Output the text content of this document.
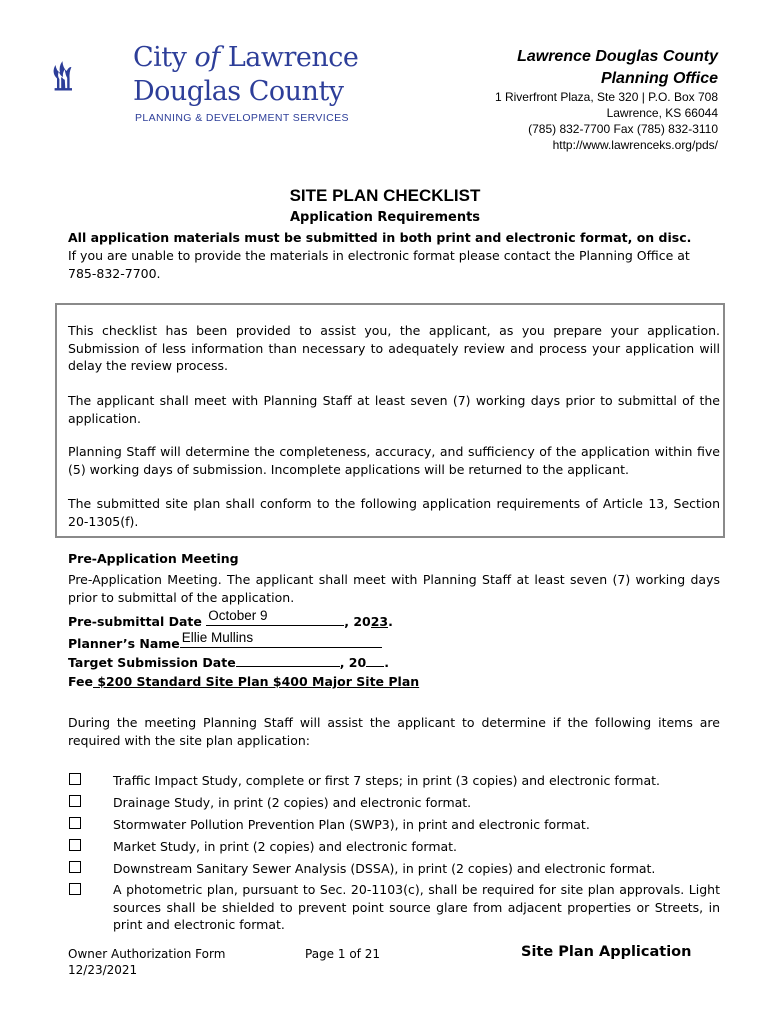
City of Lawrence
Douglas County
PLANNING & DEVELOPMENT SERVICES
Lawrence Douglas County
Planning Office
1 Riverfront Plaza, Ste 320 | P.O. Box 708
Lawrence, KS 66044
(785) 832-7700 Fax (785) 832-3110
http://www.lawrenceks.org/pds/
SITE PLAN CHECKLIST
Application Requirements
All application materials must be submitted in both print and electronic format, on disc.
If you are unable to provide the materials in electronic format please contact the Planning Office at 785-832-7700.
This checklist has been provided to assist you, the applicant, as you prepare your application. Submission of less information than necessary to adequately review and process your application will delay the review process.
The applicant shall meet with Planning Staff at least seven (7) working days prior to submittal of the application.
Planning Staff will determine the completeness, accuracy, and sufficiency of the application within five (5) working days of submission. Incomplete applications will be returned to the applicant.
The submitted site plan shall conform to the following application requirements of Article 13, Section 20-1305(f).
Pre-Application Meeting
Pre-Application Meeting. The applicant shall meet with Planning Staff at least seven (7) working days prior to submittal of the application.
Pre-submittal Date October 9	, 2023.
Planner’s Name Ellie Mullins
Target Submission Date	, 20 .
Fee $200 Standard Site Plan $400 Major Site Plan
During the meeting Planning Staff will assist the applicant to determine if the following items are required with the site plan application:
Traffic Impact Study, complete or first 7 steps; in print (3 copies) and electronic format.
Drainage Study, in print (2 copies) and electronic format.
Stormwater Pollution Prevention Plan (SWP3), in print and electronic format.
Market Study, in print (2 copies) and electronic format.
Downstream Sanitary Sewer Analysis (DSSA), in print (2 copies) and electronic format.
A photometric plan, pursuant to Sec. 20-1103(c), shall be required for site plan approvals. Light sources shall be shielded to prevent point source glare from adjacent properties or Streets, in print and electronic format.
Owner Authorization Form
12/23/2021
Page 1 of 21	Site Plan Application
